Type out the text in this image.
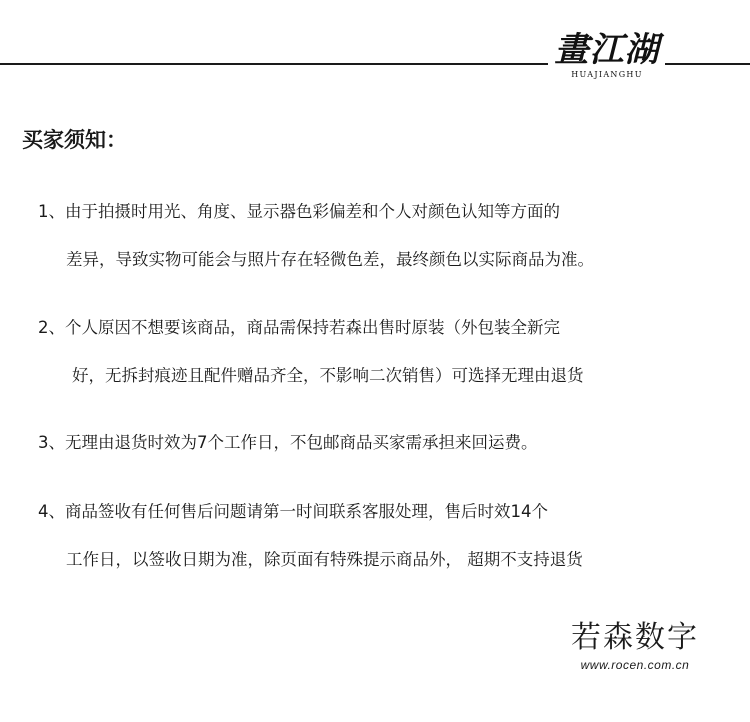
畫江湖
HUAJIANGHU
买家须知：
1、由于拍摄时用光、角度、显示器色彩偏差和个人对颜色认知等方面的
差异，导致实物可能会与照片存在轻微色差，最终颜色以实际商品为准。
2、个人原因不想要该商品，商品需保持若森出售时原装（外包装全新完
好，无拆封痕迹且配件赠品齐全，不影响二次销售）可选择无理由退货
3、无理由退货时效为7个工作日，不包邮商品买家需承担来回运费。
4、商品签收有任何售后问题请第一时间联系客服处理，售后时效14个
工作日，以签收日期为准，除页面有特殊提示商品外， 超期不支持退货
若森数字
www.rocen.com.cn
